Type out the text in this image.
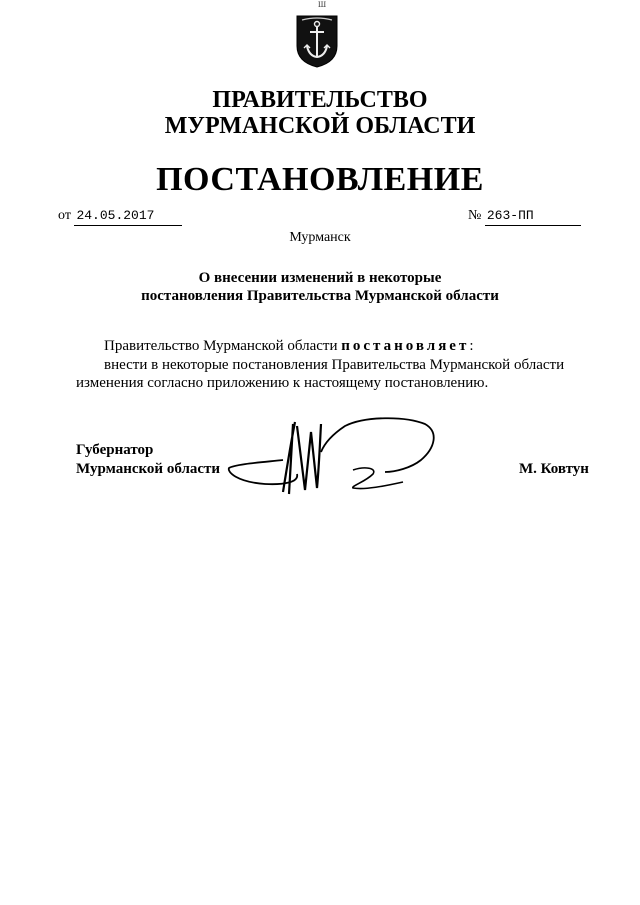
Ш
ПРАВИТЕЛЬСТВО
МУРМАНСКОЙ ОБЛАСТИ
ПОСТАНОВЛЕНИЕ
от 24.05.2017	№ 263-ПП
Мурманск
О внесении изменений в некоторые
постановления Правительства Мурманской области
Правительство Мурманской области постановляет:
внести в некоторые постановления Правительства Мурманской области
изменения согласно приложению к настоящему постановлению.
Губернатор
Мурманской области	М. Ковтун
